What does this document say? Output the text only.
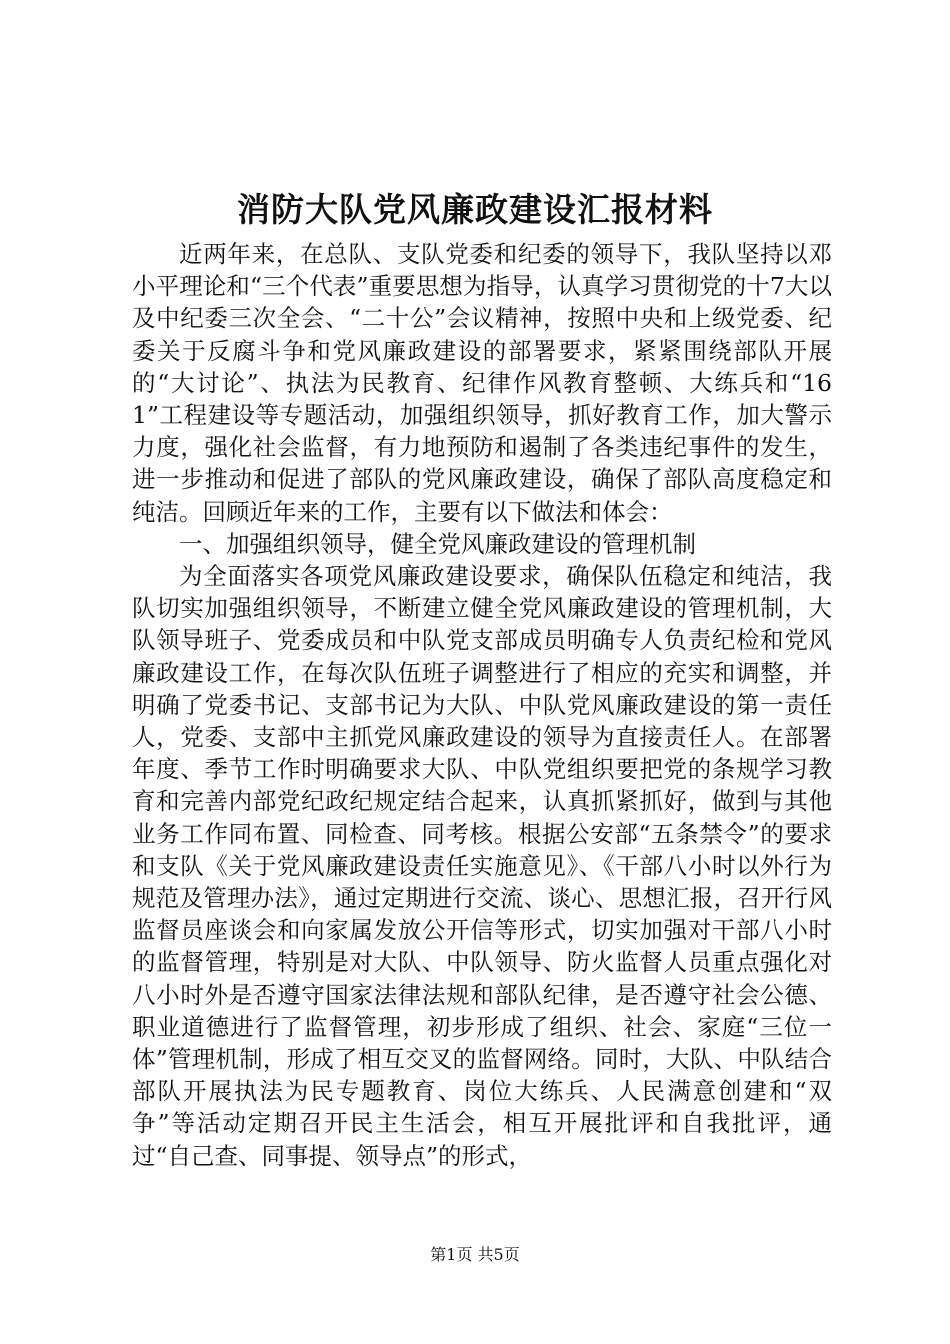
消防大队党风廉政建设汇报材料

近两年来，在总队、支队党委和纪委的领导下，我队坚持以邓小平理论和“三个代表”重要思想为指导，认真学习贯彻党的十7大以及中纪委三次全会、“二十公”会议精神，按照中央和上级党委、纪委关于反腐斗争和党风廉政建设的部署要求，紧紧围绕部队开展的“大讨论”、执法为民教育、纪律作风教育整顿、大练兵和“161”工程建设等专题活动，加强组织领导，抓好教育工作，加大警示力度，强化社会监督，有力地预防和遏制了各类违纪事件的发生，进一步推动和促进了部队的党风廉政建设，确保了部队高度稳定和纯洁。回顾近年来的工作，主要有以下做法和体会：

一、加强组织领导，健全党风廉政建设的管理机制

为全面落实各项党风廉政建设要求，确保队伍稳定和纯洁，我队切实加强组织领导，不断建立健全党风廉政建设的管理机制，大队领导班子、党委成员和中队党支部成员明确专人负责纪检和党风廉政建设工作，在每次队伍班子调整进行了相应的充实和调整，并明确了党委书记、支部书记为大队、中队党风廉政建设的第一责任人，党委、支部中主抓党风廉政建设的领导为直接责任人。在部署年度、季节工作时明确要求大队、中队党组织要把党的条规学习教育和完善内部党纪政纪规定结合起来，认真抓紧抓好，做到与其他业务工作同布置、同检查、同考核。根据公安部“五条禁令”的要求和支队《关于党风廉政建设责任实施意见》、《干部八小时以外行为规范及管理办法》，通过定期进行交流、谈心、思想汇报，召开行风监督员座谈会和向家属发放公开信等形式，切实加强对干部八小时的监督管理，特别是对大队、中队领导、防火监督人员重点强化对八小时外是否遵守国家法律法规和部队纪律，是否遵守社会公德、职业道德进行了监督管理，初步形成了组织、社会、家庭“三位一体”管理机制，形成了相互交叉的监督网络。同时，大队、中队结合部队开展执法为民专题教育、岗位大练兵、人民满意创建和“双争”等活动定期召开民主生活会，相互开展批评和自我批评，通过“自己查、同事提、领导点”的形式，

第1页 共5页
